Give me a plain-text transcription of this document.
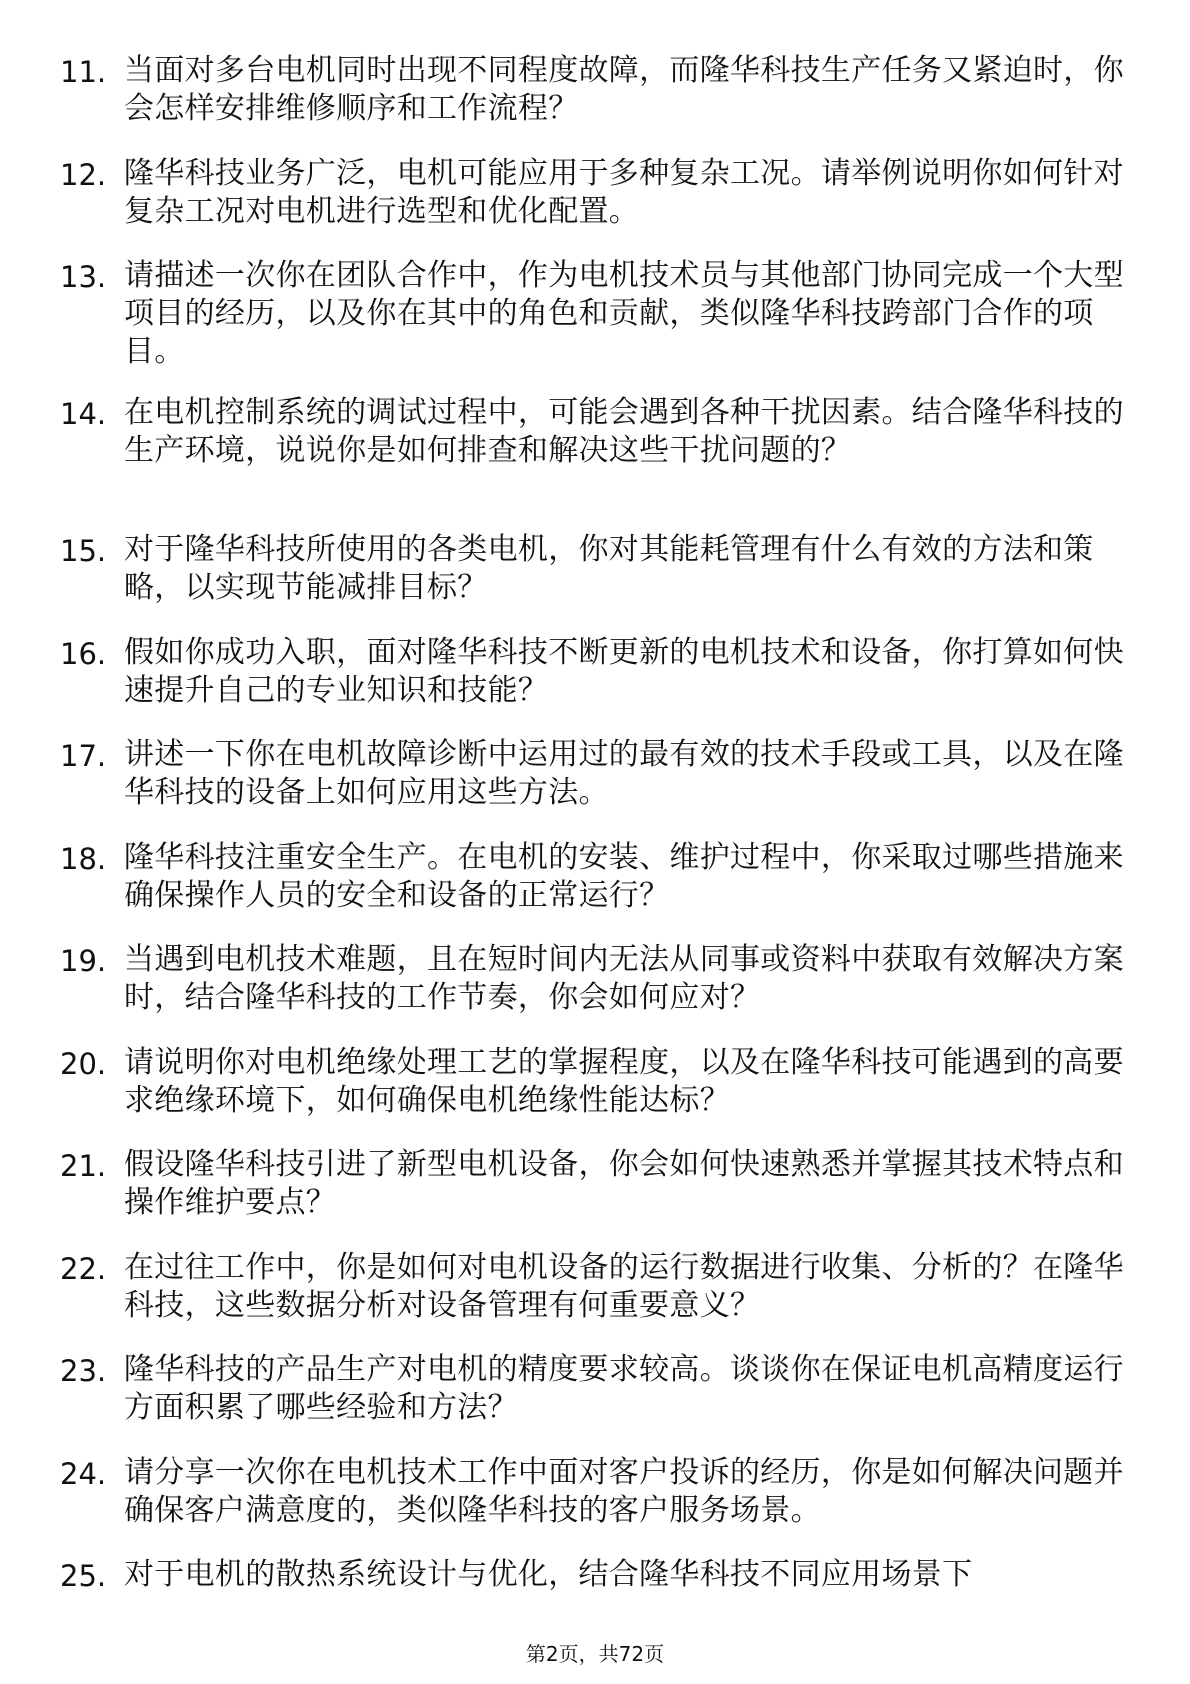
11. 当面对多台电机同时出现不同程度故障，而隆华科技生产任务又紧迫时，你会怎样安排维修顺序和工作流程？
12. 隆华科技业务广泛，电机可能应用于多种复杂工况。请举例说明你如何针对复杂工况对电机进行选型和优化配置。
13. 请描述一次你在团队合作中，作为电机技术员与其他部门协同完成一个大型项目的经历，以及你在其中的角色和贡献，类似隆华科技跨部门合作的项目。
14. 在电机控制系统的调试过程中，可能会遇到各种干扰因素。结合隆华科技的生产环境，说说你是如何排查和解决这些干扰问题的？
15. 对于隆华科技所使用的各类电机，你对其能耗管理有什么有效的方法和策略，以实现节能减排目标？
16. 假如你成功入职，面对隆华科技不断更新的电机技术和设备，你打算如何快速提升自己的专业知识和技能？
17. 讲述一下你在电机故障诊断中运用过的最有效的技术手段或工具，以及在隆华科技的设备上如何应用这些方法。
18. 隆华科技注重安全生产。在电机的安装、维护过程中，你采取过哪些措施来确保操作人员的安全和设备的正常运行？
19. 当遇到电机技术难题，且在短时间内无法从同事或资料中获取有效解决方案时，结合隆华科技的工作节奏，你会如何应对？
20. 请说明你对电机绝缘处理工艺的掌握程度，以及在隆华科技可能遇到的高要求绝缘环境下，如何确保电机绝缘性能达标？
21. 假设隆华科技引进了新型电机设备，你会如何快速熟悉并掌握其技术特点和操作维护要点？
22. 在过往工作中，你是如何对电机设备的运行数据进行收集、分析的？在隆华科技，这些数据分析对设备管理有何重要意义？
23. 隆华科技的产品生产对电机的精度要求较高。谈谈你在保证电机高精度运行方面积累了哪些经验和方法？
24. 请分享一次你在电机技术工作中面对客户投诉的经历，你是如何解决问题并确保客户满意度的，类似隆华科技的客户服务场景。
25. 对于电机的散热系统设计与优化，结合隆华科技不同应用场景下
第2页，共72页
